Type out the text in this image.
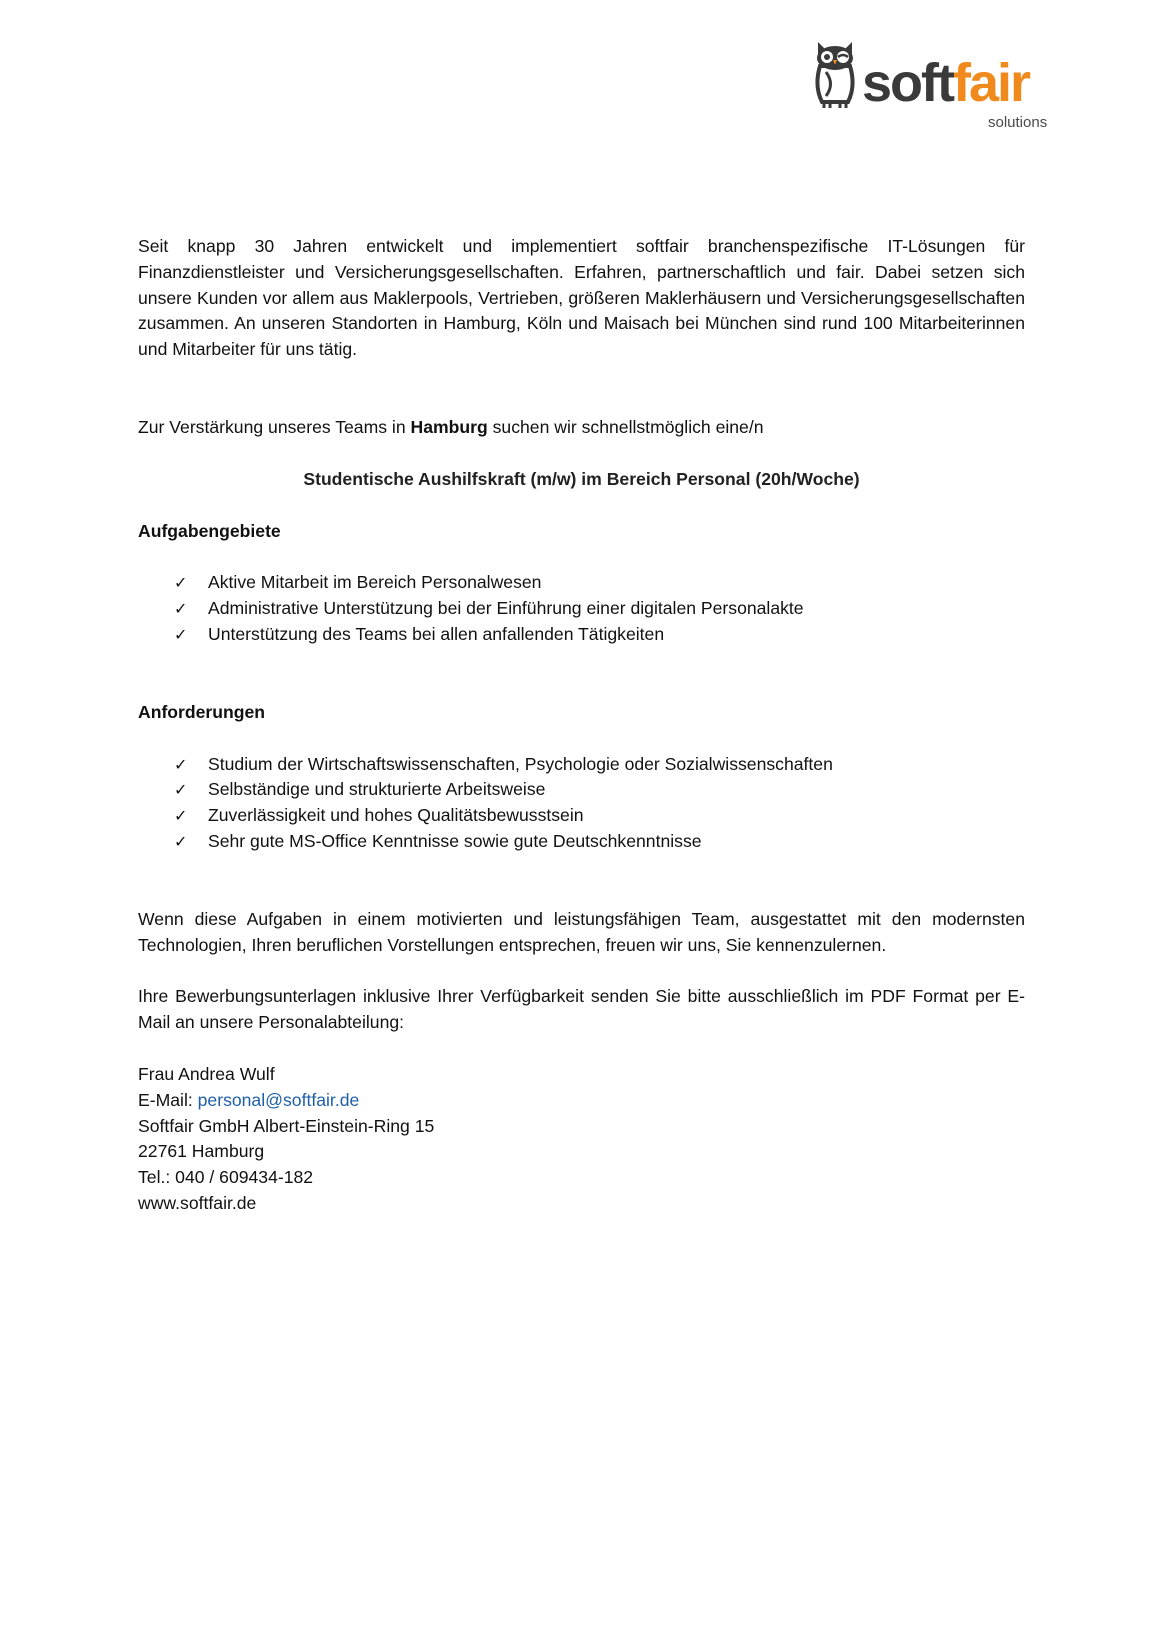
softfair
solutions

Seit knapp 30 Jahren entwickelt und implementiert softfair branchenspezifische IT-Lösungen für Finanzdienstleister und Versicherungsgesellschaften. Erfahren, partnerschaftlich und fair. Dabei setzen sich unsere Kunden vor allem aus Maklerpools, Vertrieben, größeren Maklerhäusern und Versicherungsgesellschaften zusammen. An unseren Standorten in Hamburg, Köln und Maisach bei München sind rund 100 Mitarbeiterinnen und Mitarbeiter für uns tätig.

Zur Verstärkung unseres Teams in Hamburg suchen wir schnellstmöglich eine/n

Studentische Aushilfskraft (m/w) im Bereich Personal (20h/Woche)

Aufgabengebiete

✓ Aktive Mitarbeit im Bereich Personalwesen
✓ Administrative Unterstützung bei der Einführung einer digitalen Personalakte
✓ Unterstützung des Teams bei allen anfallenden Tätigkeiten

Anforderungen

✓ Studium der Wirtschaftswissenschaften, Psychologie oder Sozialwissenschaften
✓ Selbständige und strukturierte Arbeitsweise
✓ Zuverlässigkeit und hohes Qualitätsbewusstsein
✓ Sehr gute MS-Office Kenntnisse sowie gute Deutschkenntnisse

Wenn diese Aufgaben in einem motivierten und leistungsfähigen Team, ausgestattet mit den modernsten Technologien, Ihren beruflichen Vorstellungen entsprechen, freuen wir uns, Sie kennenzulernen.

Ihre Bewerbungsunterlagen inklusive Ihrer Verfügbarkeit senden Sie bitte ausschließlich im PDF Format per E-Mail an unsere Personalabteilung:

Frau Andrea Wulf
E-Mail: personal@softfair.de
Softfair GmbH Albert-Einstein-Ring 15
22761 Hamburg
Tel.: 040 / 609434-182
www.softfair.de
